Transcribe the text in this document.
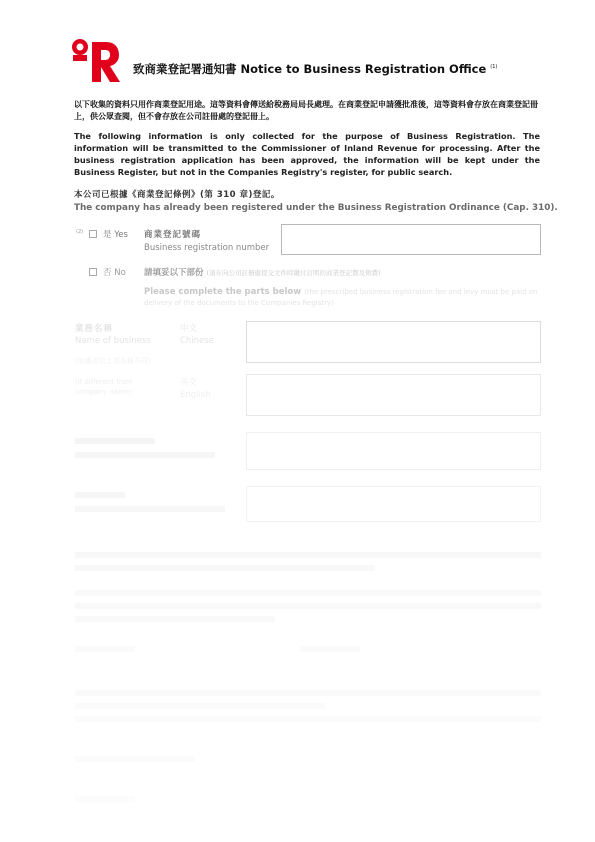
致商業登記署通知書 Notice to Business Registration Office $^{(1)}$
以下收集的資料只用作商業登記用途。這等資料會傳送給稅務局局長處理。在商業登記申請獲批准後，這等資料會存放在商業登記冊上，供公眾查閱，但不會存放在公司註冊處的登記冊上。
The following information is only collected for the purpose of Business Registration. The information will be transmitted to the Commissioner of Inland Revenue for processing. After the business registration application has been approved, the information will be kept under the Business Register, but not in the Companies Registry's register, for public search.
本公司已根據《商業登記條例》(第 310 章)登記。
The company has already been registered under the Business Registration Ordinance (Cap. 310).
(2)	是 Yes 商業登記號碼
Business registration number
否 No 請填妥以下部份 (須在向公司註冊處提交文件時繳付訂明的商業登記費及徵費)
Please complete the parts below (the prescribed business registration fee and levy must be paid on delivery of the documents to the Companies Registry)
業務名稱
Name of business
中文
Chinese
(如適用於上述名稱不同)
(if different from
company name)
英文
English
